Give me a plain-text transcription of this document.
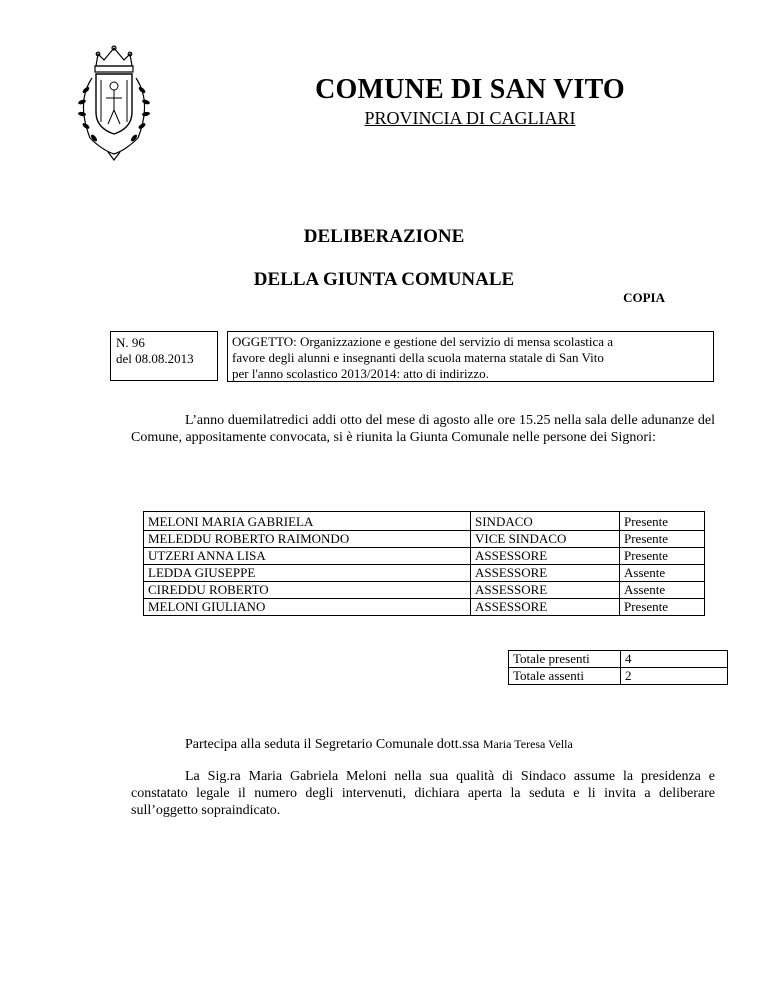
COMUNE DI SAN VITO
PROVINCIA DI CAGLIARI
DELIBERAZIONE
DELLA GIUNTA COMUNALE
COPIA
N. 96
del 08.08.2013
OGGETTO: Organizzazione e gestione del servizio di mensa scolastica a
favore degli alunni e insegnanti della scuola materna statale di San Vito
per l'anno scolastico 2013/2014: atto di indirizzo.
L’anno duemilatredici addi otto del mese di agosto alle ore 15.25 nella sala delle adunanze del Comune, appositamente convocata, si è riunita la Giunta Comunale nelle persone dei Signori:
MELONI MARIA GABRIELA	SINDACO	Presente
MELEDDU ROBERTO RAIMONDO	VICE SINDACO	Presente
UTZERI ANNA LISA	ASSESSORE	Presente
LEDDA GIUSEPPE	ASSESSORE	Assente
CIREDDU ROBERTO	ASSESSORE	Assente
MELONI GIULIANO	ASSESSORE	Presente
Totale presenti	4
Totale assenti	2
Partecipa alla seduta il Segretario Comunale dott.ssa Maria Teresa Vella
La Sig.ra Maria Gabriela Meloni nella sua qualità di Sindaco assume la presidenza e constatato legale il numero degli intervenuti, dichiara aperta la seduta e li invita a deliberare sull’oggetto sopraindicato.
